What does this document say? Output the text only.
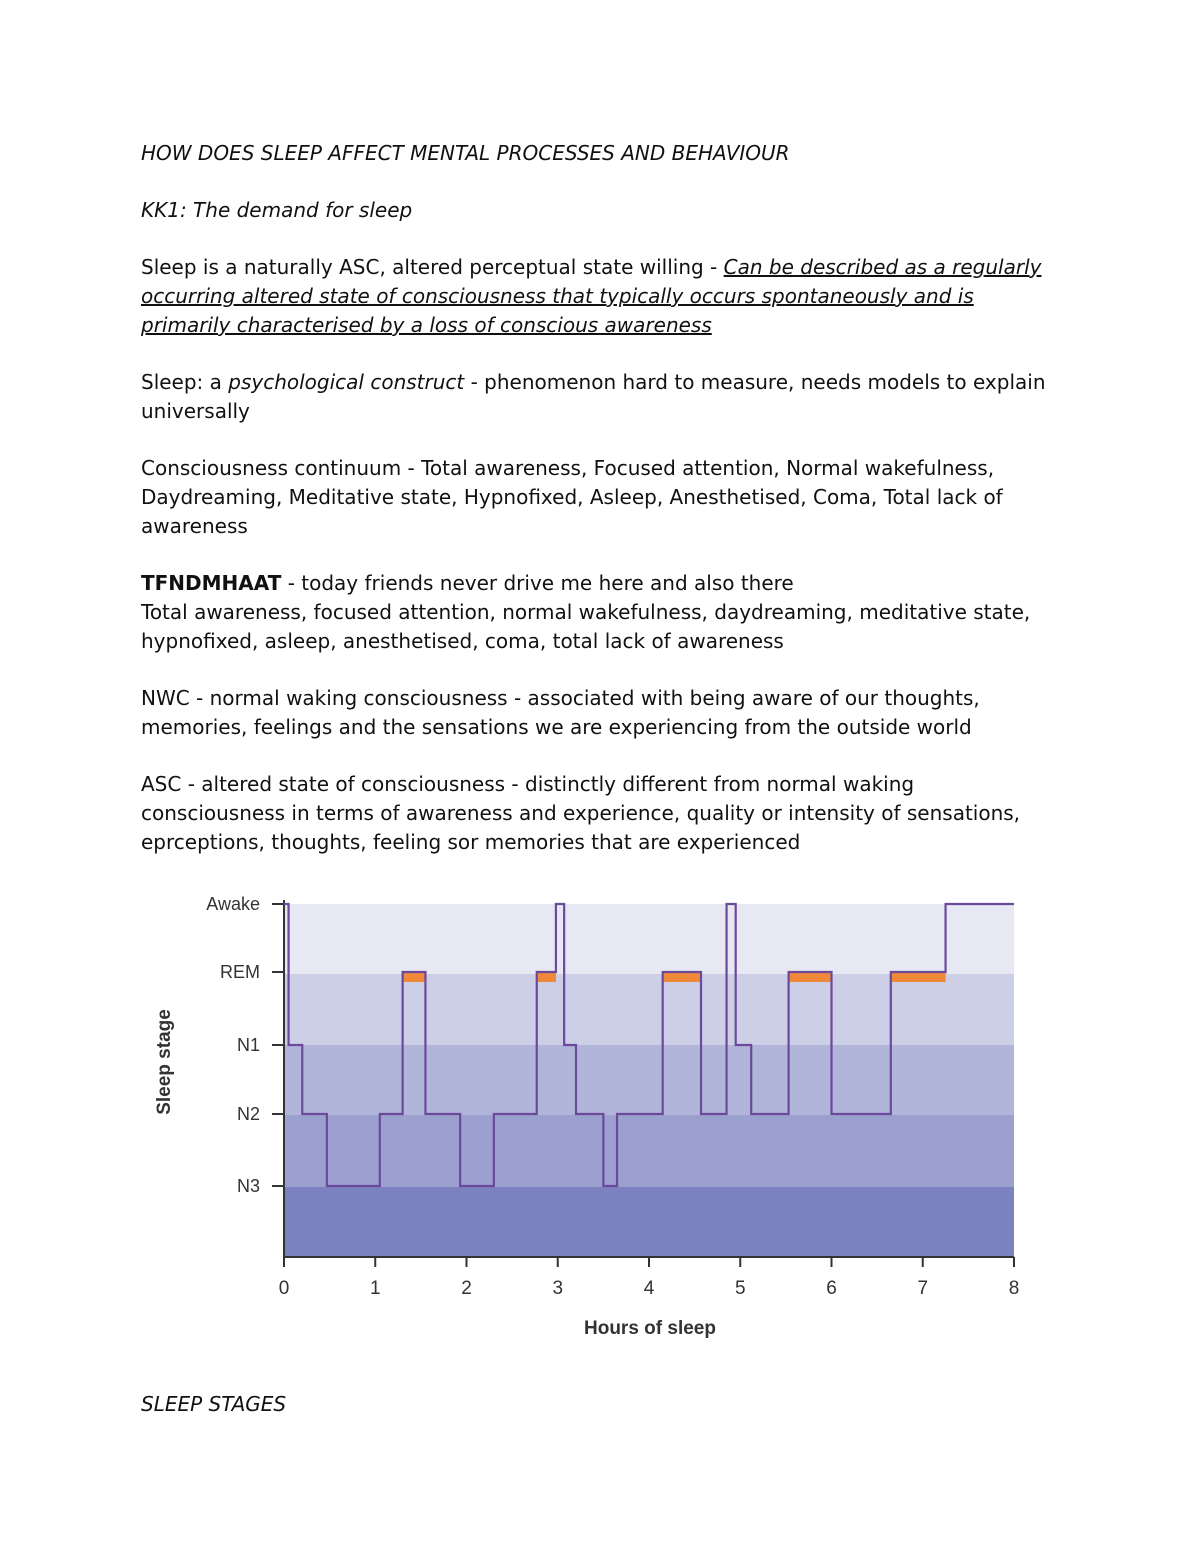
HOW DOES SLEEP AFFECT MENTAL PROCESSES AND BEHAVIOUR

KK1: The demand for sleep

Sleep is a naturally ASC, altered perceptual state willing - Can be described as a regularly occurring altered state of consciousness that typically occurs spontaneously and is primarily characterised by a loss of conscious awareness

Sleep: a psychological construct - phenomenon hard to measure, needs models to explain universally

Consciousness continuum - Total awareness, Focused attention, Normal wakefulness, Daydreaming, Meditative state, Hypnofixed, Asleep, Anesthetised, Coma, Total lack of awareness

TFNDMHAAT - today friends never drive me here and also there

Total awareness, focused attention, normal wakefulness, daydreaming, meditative state, hypnofixed, asleep, anesthetised, coma, total lack of awareness

NWC - normal waking consciousness - associated with being aware of our thoughts, memories, feelings and the sensations we are experiencing from the outside world

ASC - altered state of consciousness - distinctly different from normal waking consciousness in terms of awareness and experience, quality or intensity of sensations, eprceptions, thoughts, feeling sor memories that are experienced

Awake
REM
N1
N2
N3
0	1	2	3	4	5	6	7	8
Hours of sleep
Sleep stage

SLEEP STAGES
